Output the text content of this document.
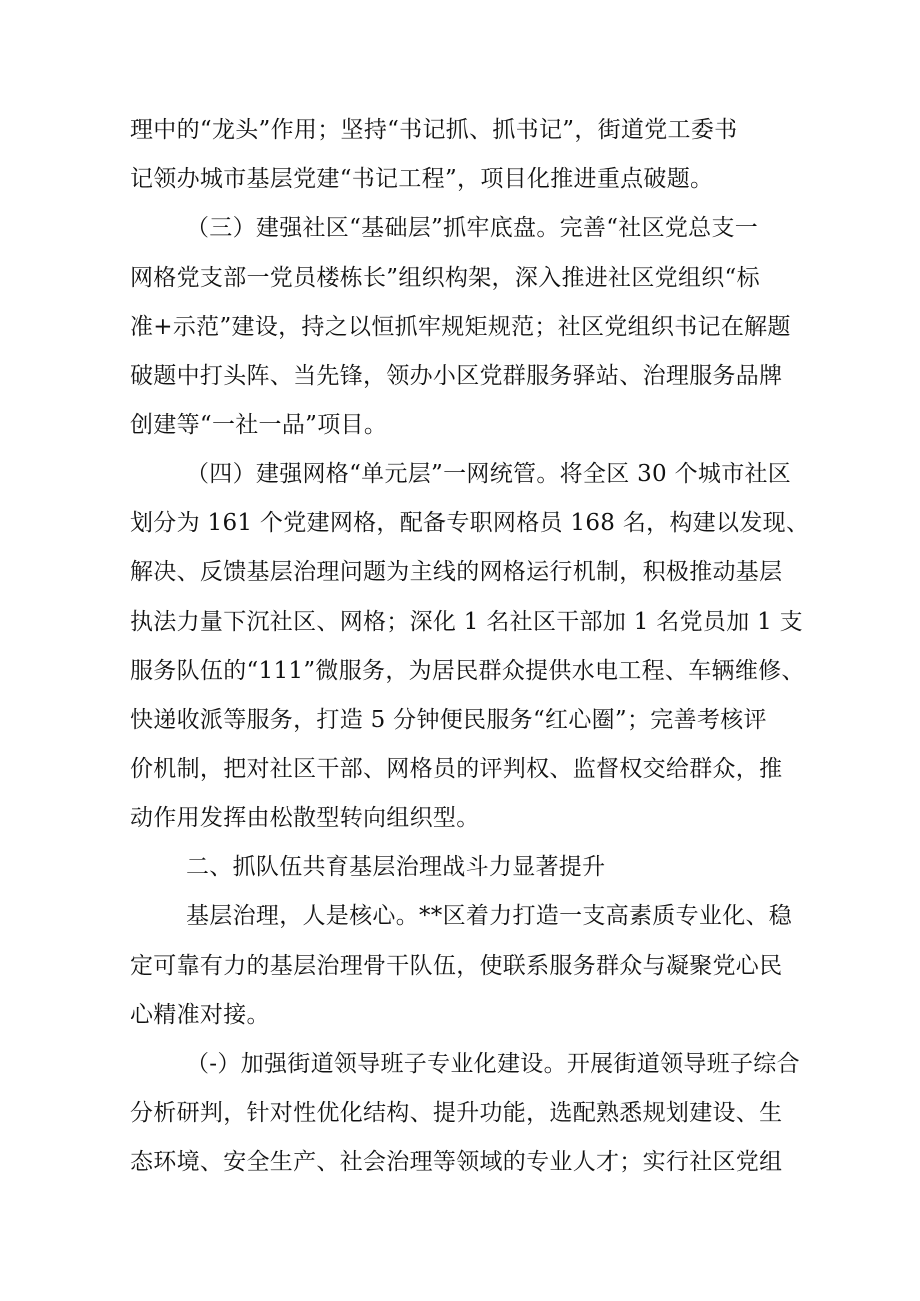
理中的“龙头”作用；坚持“书记抓、抓书记”，街道党工委书
记领办城市基层党建“书记工程”，项目化推进重点破题。
（三）建强社区“基础层”抓牢底盘。完善“社区党总支一
网格党支部一党员楼栋长”组织构架，深入推进社区党组织“标
准+示范”建设，持之以恒抓牢规矩规范；社区党组织书记在解题
破题中打头阵、当先锋，领办小区党群服务驿站、治理服务品牌
创建等“一社一品”项目。
（四）建强网格“单元层”一网统管。将全区 30 个城市社区
划分为 161 个党建网格，配备专职网格员 168 名，构建以发现、
解决、反馈基层治理问题为主线的网格运行机制，积极推动基层
执法力量下沉社区、网格；深化 1 名社区干部加 1 名党员加 1 支
服务队伍的“111”微服务，为居民群众提供水电工程、车辆维修、
快递收派等服务，打造 5 分钟便民服务“红心圈”；完善考核评
价机制，把对社区干部、网格员的评判权、监督权交给群众，推
动作用发挥由松散型转向组织型。
二、抓队伍共育基层治理战斗力显著提升
基层治理，人是核心。**区着力打造一支高素质专业化、稳
定可靠有力的基层治理骨干队伍，使联系服务群众与凝聚党心民
心精准对接。
（-）加强街道领导班子专业化建设。开展街道领导班子综合
分析研判，针对性优化结构、提升功能，选配熟悉规划建设、生
态环境、安全生产、社会治理等领域的专业人才；实行社区党组
